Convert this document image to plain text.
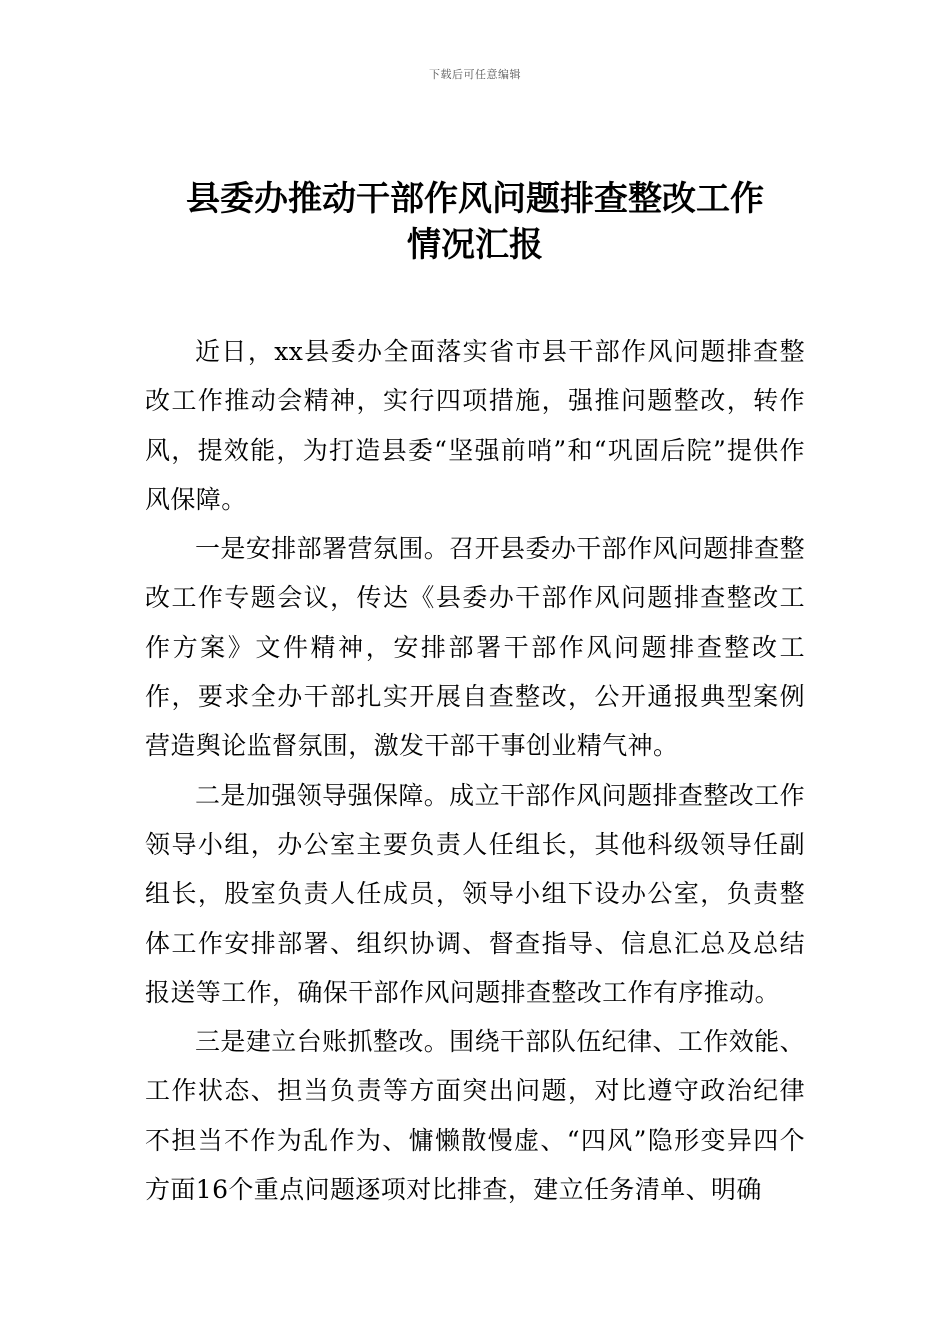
下载后可任意编辑
县委办推动干部作风问题排查整改工作
情况汇报

近日，xx县委办全面落实省市县干部作风问题排查整改工作推动会精神，实行四项措施，强推问题整改，转作风，提效能，为打造县委“坚强前哨”和“巩固后院”提供作风保障。

一是安排部署营氛围。召开县委办干部作风问题排查整改工作专题会议，传达《县委办干部作风问题排查整改工作方案》文件精神，安排部署干部作风问题排查整改工作，要求全办干部扎实开展自查整改，公开通报典型案例营造舆论监督氛围，激发干部干事创业精气神。

二是加强领导强保障。成立干部作风问题排查整改工作领导小组，办公室主要负责人任组长，其他科级领导任副组长，股室负责人任成员，领导小组下设办公室，负责整体工作安排部署、组织协调、督查指导、信息汇总及总结报送等工作，确保干部作风问题排查整改工作有序推动。

三是建立台账抓整改。围绕干部队伍纪律、工作效能、工作状态、担当负责等方面突出问题，对比遵守政治纪律不担当不作为乱作为、慵懒散慢虚、“四风”隐形变异四个方面16个重点问题逐项对比排查，建立任务清单、明确
